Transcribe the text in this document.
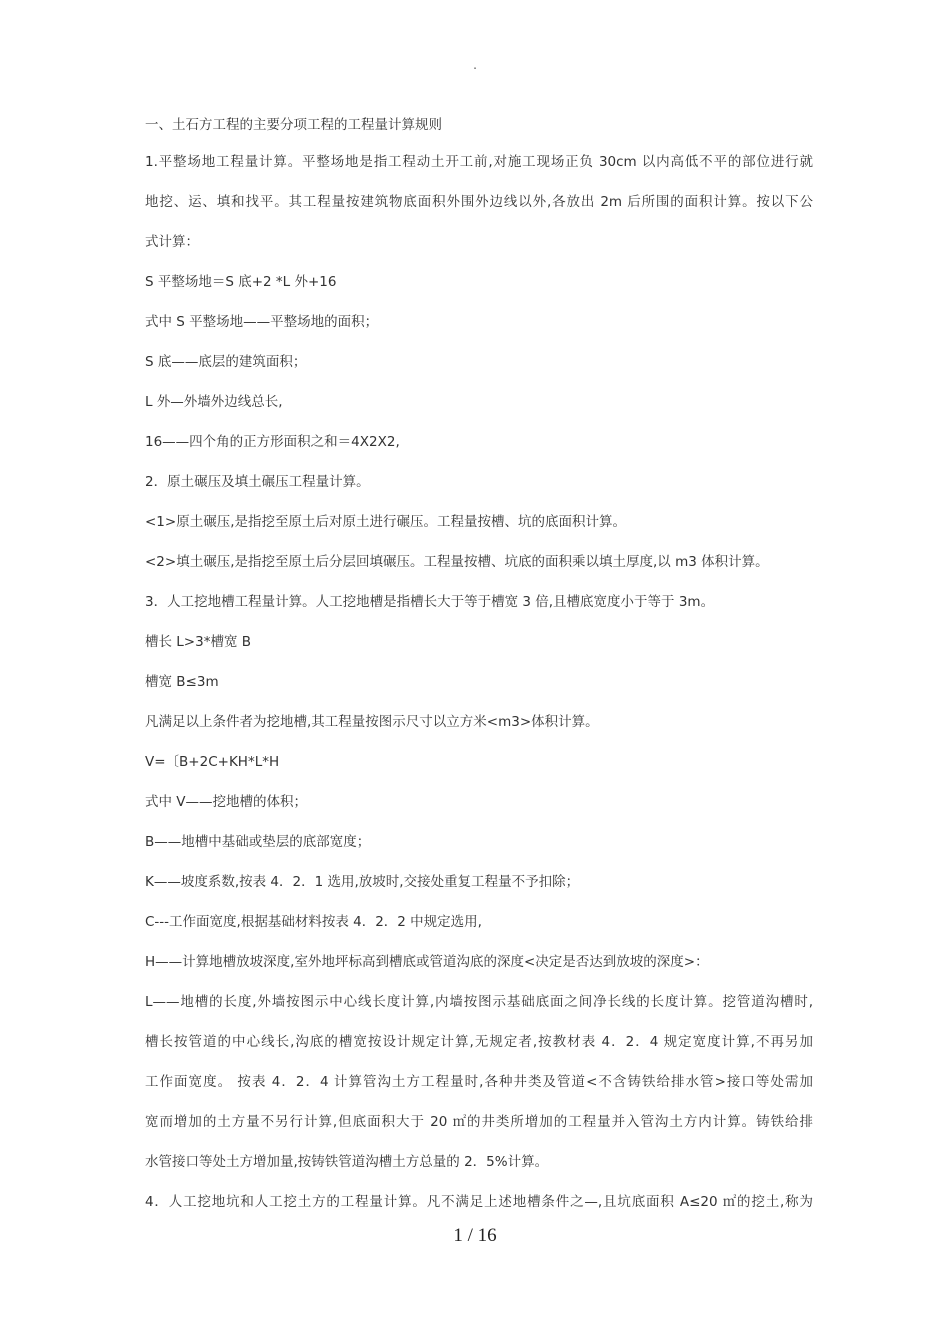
.
一、土石方工程的主要分项工程的工程量计算规则
1.平整场地工程量计算。平整场地是指工程动土开工前,对施工现场正负 30cm 以内高低不平的部位进行就
地挖、运、填和找平。其工程量按建筑物底面积外围外边线以外,各放出 2m 后所围的面积计算。按以下公
式计算：
S 平整场地＝S 底+2 *L 外+16
式中 S 平整场地——平整场地的面积；
S 底——底层的建筑面积；
L 外—外墙外边线总长,
16——四个角的正方形面积之和＝4X2X2,
2．原土碾压及填土碾压工程量计算。
<1>原土碾压,是指挖至原土后对原土进行碾压。工程量按槽、坑的底面积计算。
<2>填土碾压,是指挖至原土后分层回填碾压。工程量按槽、坑底的面积乘以填土厚度,以 m3 体积计算。
3．人工挖地槽工程量计算。人工挖地槽是指槽长大于等于槽宽 3 倍,且槽底宽度小于等于 3m。
槽长 L>3*槽宽 B
槽宽 B≤3m
凡满足以上条件者为挖地槽,其工程量按图示尺寸以立方米<m3>体积计算。
V=〔B+2C+KH*L*H
式中 V——挖地槽的体积；
B——地槽中基础或垫层的底部宽度；
K——坡度系数,按表 4．2．1 选用,放坡时,交接处重复工程量不予扣除；
C---工作面宽度,根据基础材料按表 4．2．2 中规定选用,
H——计算地槽放坡深度,室外地坪标高到槽底或管道沟底的深度<决定是否达到放坡的深度>：
L——地槽的长度,外墙按图示中心线长度计算,内墙按图示基础底面之间净长线的长度计算。挖管道沟槽时,
槽长按管道的中心线长,沟底的槽宽按设计规定计算,无规定者,按教材表 4．2．4 规定宽度计算,不再另加
工作面宽度。 按表 4．2．4 计算管沟土方工程量时,各种井类及管道<不含铸铁给排水管>接口等处需加
宽而增加的土方量不另行计算,但底面积大于 20 ㎡的井类所增加的工程量并入管沟土方内计算。铸铁给排
水管接口等处土方增加量,按铸铁管道沟槽土方总量的 2．5%计算。
4．人工挖地坑和人工挖土方的工程量计算。凡不满足上述地槽条件之—,且坑底面积 A≤20 ㎡的挖土,称为
1 / 16
